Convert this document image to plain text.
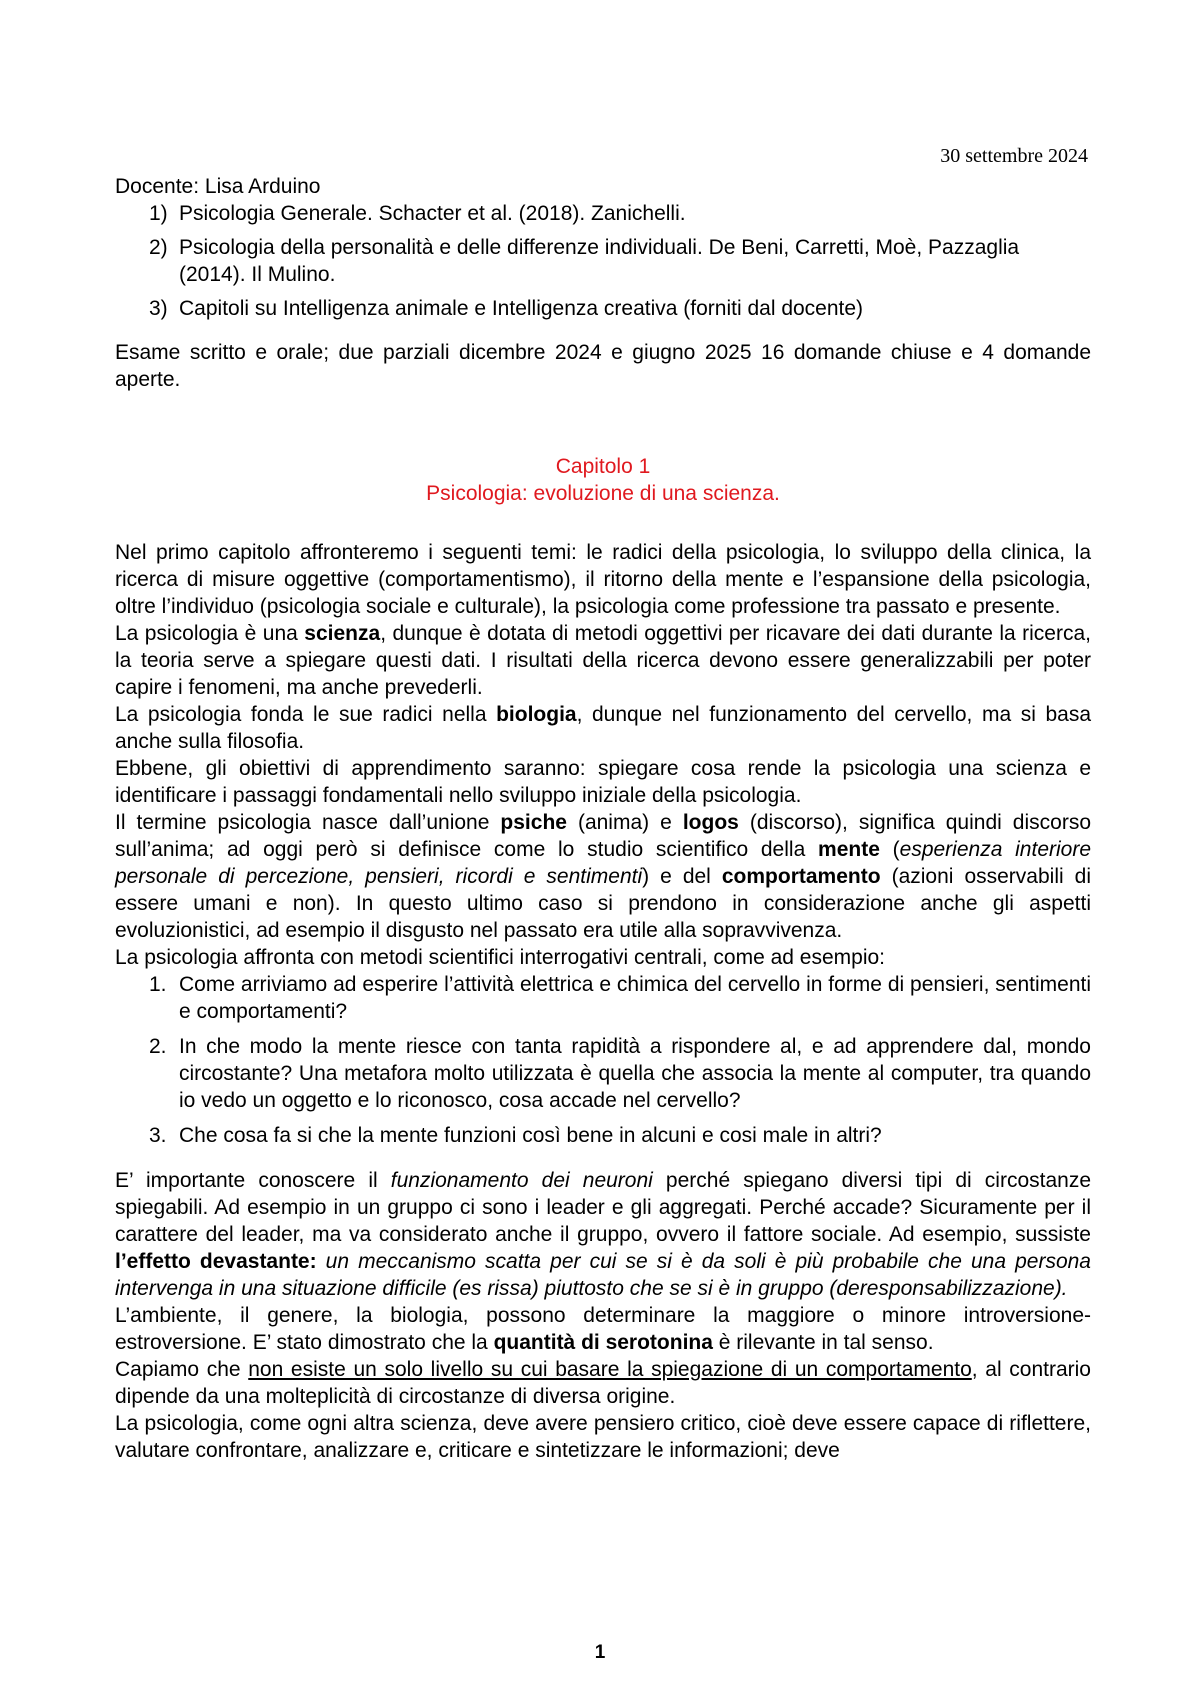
30 settembre 2024

Docente: Lisa Arduino

1) Psicologia Generale. Schacter et al. (2018). Zanichelli.
2) Psicologia della personalità e delle differenze individuali. De Beni, Carretti, Moè, Pazzaglia (2014). Il Mulino.
3) Capitoli su Intelligenza animale e Intelligenza creativa (forniti dal docente)

Esame scritto e orale; due parziali dicembre 2024 e giugno 2025 16 domande chiuse e 4 domande aperte.

Capitolo 1

Psicologia: evoluzione di una scienza.

Nel primo capitolo affronteremo i seguenti temi: le radici della psicologia, lo sviluppo della clinica, la ricerca di misure oggettive (comportamentismo), il ritorno della mente e l’espansione della psicologia, oltre l’individuo (psicologia sociale e culturale), la psicologia come professione tra passato e presente.

La psicologia è una scienza, dunque è dotata di metodi oggettivi per ricavare dei dati durante la ricerca, la teoria serve a spiegare questi dati. I risultati della ricerca devono essere generalizzabili per poter capire i fenomeni, ma anche prevederli.

La psicologia fonda le sue radici nella biologia, dunque nel funzionamento del cervello, ma si basa anche sulla filosofia.

Ebbene, gli obiettivi di apprendimento saranno: spiegare cosa rende la psicologia una scienza e identificare i passaggi fondamentali nello sviluppo iniziale della psicologia.

Il termine psicologia nasce dall’unione psiche (anima) e logos (discorso), significa quindi discorso sull’anima; ad oggi però si definisce come lo studio scientifico della mente (esperienza interiore personale di percezione, pensieri, ricordi e sentimenti) e del comportamento (azioni osservabili di essere umani e non). In questo ultimo caso si prendono in considerazione anche gli aspetti evoluzionistici, ad esempio il disgusto nel passato era utile alla sopravvivenza.

La psicologia affronta con metodi scientifici interrogativi centrali, come ad esempio:

1. Come arriviamo ad esperire l’attività elettrica e chimica del cervello in forme di pensieri, sentimenti e comportamenti?
2. In che modo la mente riesce con tanta rapidità a rispondere al, e ad apprendere dal, mondo circostante? Una metafora molto utilizzata è quella che associa la mente al computer, tra quando io vedo un oggetto e lo riconosco, cosa accade nel cervello?
3. Che cosa fa si che la mente funzioni così bene in alcuni e cosi male in altri?

E’ importante conoscere il funzionamento dei neuroni perché spiegano diversi tipi di circostanze spiegabili. Ad esempio in un gruppo ci sono i leader e gli aggregati. Perché accade? Sicuramente per il carattere del leader, ma va considerato anche il gruppo, ovvero il fattore sociale. Ad esempio, sussiste l’effetto devastante: un meccanismo scatta per cui se si è da soli è più probabile che una persona intervenga in una situazione difficile (es rissa) piuttosto che se si è in gruppo (deresponsabilizzazione).

L’ambiente, il genere, la biologia, possono determinare la maggiore o minore introversione-estroversione. E’ stato dimostrato che la quantità di serotonina è rilevante in tal senso.

Capiamo che non esiste un solo livello su cui basare la spiegazione di un comportamento, al contrario dipende da una molteplicità di circostanze di diversa origine.

La psicologia, come ogni altra scienza, deve avere pensiero critico, cioè deve essere capace di riflettere, valutare confrontare, analizzare e, criticare e sintetizzare le informazioni; deve

1
